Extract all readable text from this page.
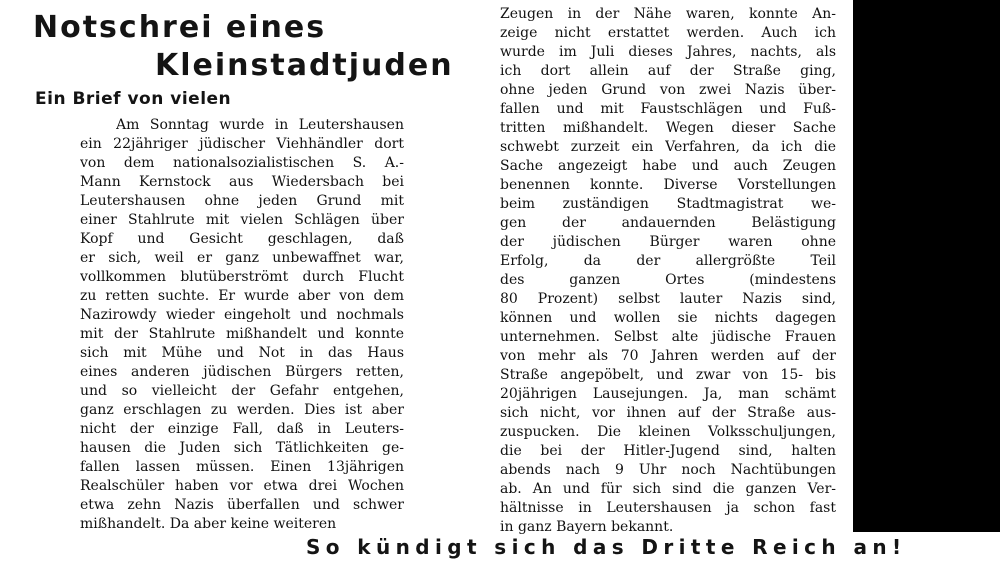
Notschrei eines
Kleinstadtjuden
Ein Brief von vielen
Am Sonntag wurde in Leutershausen
ein 22jähriger jüdischer Viehhändler dort
von dem nationalsozialistischen S. A.-
Mann Kernstock aus Wiedersbach bei
Leutershausen ohne jeden Grund mit
einer Stahlrute mit vielen Schlägen über
Kopf und Gesicht geschlagen, daß
er sich, weil er ganz unbewaffnet war,
vollkommen blutüberströmt durch Flucht
zu retten suchte. Er wurde aber von dem
Nazirowdy wieder eingeholt und nochmals
mit der Stahlrute mißhandelt und konnte
sich mit Mühe und Not in das Haus
eines anderen jüdischen Bürgers retten,
und so vielleicht der Gefahr entgehen,
ganz erschlagen zu werden. Dies ist aber
nicht der einzige Fall, daß in Leuters-
hausen die Juden sich Tätlichkeiten ge-
fallen lassen müssen. Einen 13jährigen
Realschüler haben vor etwa drei Wochen
etwa zehn Nazis überfallen und schwer
mißhandelt. Da aber keine weiteren
Zeugen in der Nähe waren, konnte An-
zeige nicht erstattet werden. Auch ich
wurde im Juli dieses Jahres, nachts, als
ich dort allein auf der Straße ging,
ohne jeden Grund von zwei Nazis über-
fallen und mit Faustschlägen und Fuß-
tritten mißhandelt. Wegen dieser Sache
schwebt zurzeit ein Verfahren, da ich die
Sache angezeigt habe und auch Zeugen
benennen konnte. Diverse Vorstellungen
beim zuständigen Stadtmagistrat we-
gen der andauernden Belästigung
der jüdischen Bürger waren ohne
Erfolg, da der allergrößte Teil
des ganzen Ortes (mindestens
80 Prozent) selbst lauter Nazis sind,
können und wollen sie nichts dagegen
unternehmen. Selbst alte jüdische Frauen
von mehr als 70 Jahren werden auf der
Straße angepöbelt, und zwar von 15- bis
20jährigen Lausejungen. Ja, man schämt
sich nicht, vor ihnen auf der Straße aus-
zuspucken. Die kleinen Volksschuljungen,
die bei der Hitler-Jugend sind, halten
abends nach 9 Uhr noch Nachtübungen
ab. An und für sich sind die ganzen Ver-
hältnisse in Leutershausen ja schon fast
in ganz Bayern bekannt.
So kündigt sich das Dritte Reich an!
